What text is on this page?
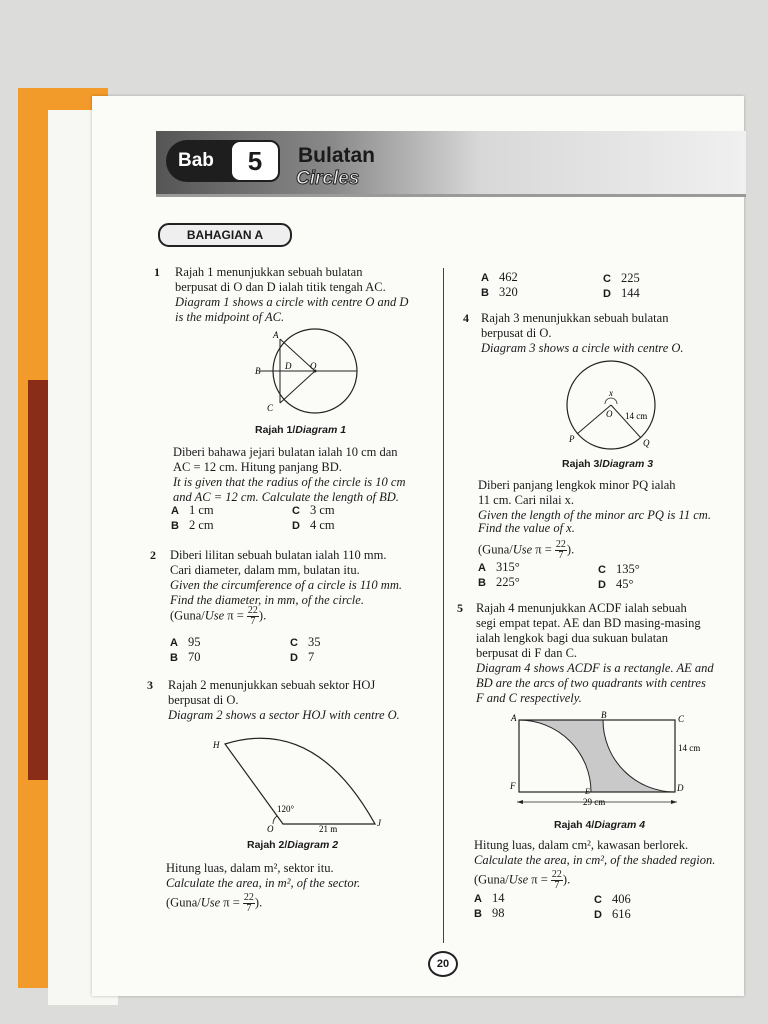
Bab	5	Bulatan
Circles
BAHAGIAN A
1 Rajah 1 menunjukkan sebuah bulatan
berpusat di O dan D ialah titik tengah AC.
Diagram 1 shows a circle with centre O and D
is the midpoint of AC.
A
B
C
D O
Rajah 1/Diagram 1
Diberi bahawa jejari bulatan ialah 10 cm dan
AC = 12 cm. Hitung panjang BD.
It is given that the radius of the circle is 10 cm
and AC = 12 cm. Calculate the length of BD.
A 1 cm
B 2 cm
C 3 cm
D 4 cm
2 Diberi lilitan sebuah bulatan ialah 110 mm.
Cari diameter, dalam mm, bulatan itu.
Given the circumference of a circle is 110 mm.
Find the diameter, in mm, of the circle.
(Guna/Use $\pi = \frac{22}{7}$ ).
A 95
B 70
C 35
D 7
3 Rajah 2 menunjukkan sebuah sektor HOJ
berpusat di O.
Diagram 2 shows a sector HOJ with centre O.
H
O
J
120°
21 m
Rajah 2/Diagram 2
Hitung luas, dalam m², sektor itu.
Calculate the area, in m², of the sector.
(Guna/Use $\pi = \frac{22}{7}$ ).
A 462
B 320
C 225
D 144
4 Rajah 3 menunjukkan sebuah bulatan
berpusat di O.
Diagram 3 shows a circle with centre O.
x
O 14 cm
P	Q
Rajah 3/Diagram 3
Diberi panjang lengkok minor PQ ialah
11 cm. Cari nilai x.
Given the length of the minor arc PQ is 11 cm.
Find the value of x.
(Guna/Use $\pi = \frac{22}{7}$ ).
A 315°
B 225°
C 135°
D 45°
5 Rajah 4 menunjukkan ACDF ialah sebuah
segi empat tepat. AE dan BD masing-masing
ialah lengkok bagi dua sukuan bulatan
berpusat di F dan C.
Diagram 4 shows ACDF is a rectangle. AE and
BD are the arcs of two quadrants with centres
F and C respectively.
A	B	C
D
E
F
14 cm
29 cm
Rajah 4/Diagram 4
Hitung luas, dalam cm², kawasan berlorek.
Calculate the area, in cm², of the shaded region.
(Guna/Use $\pi = \frac{22}{7}$ ).
A 14
B 98
C 406
D 616
20
